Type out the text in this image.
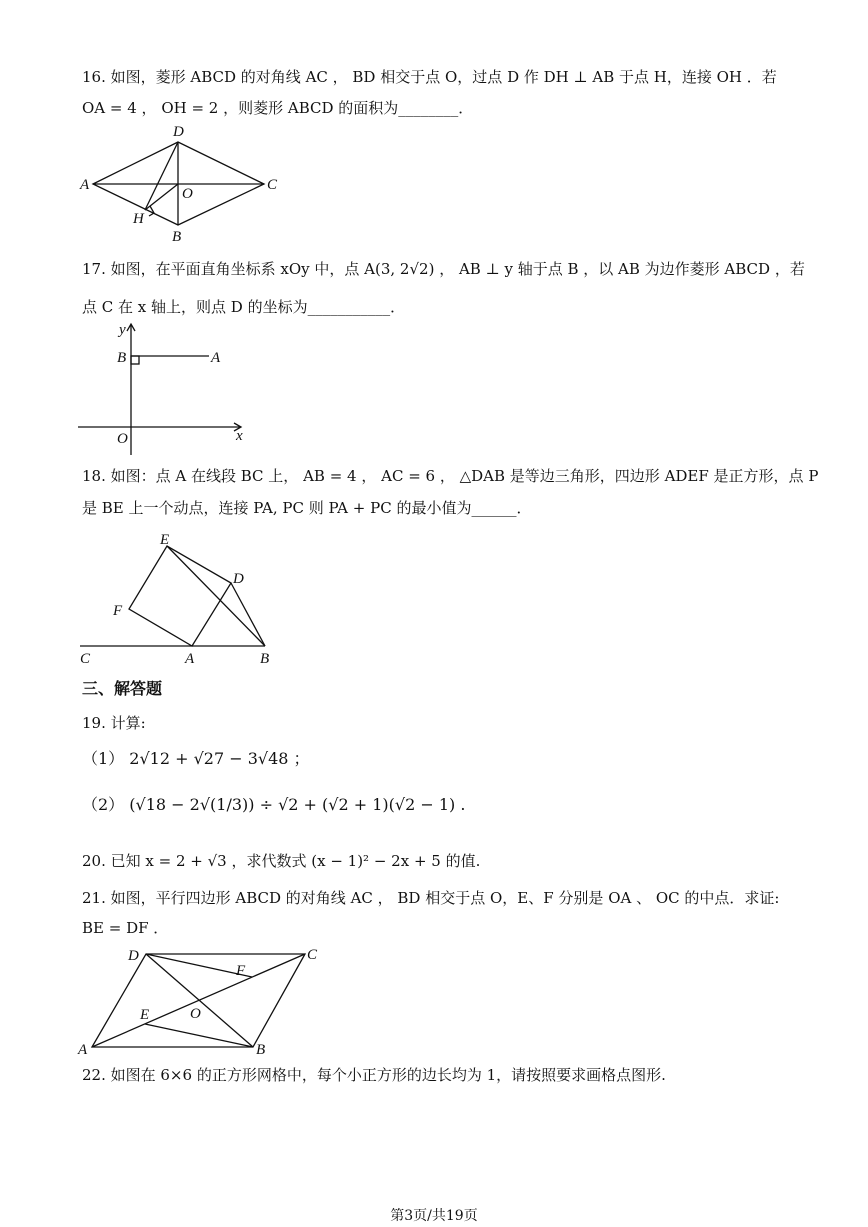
16. 如图，菱形 ABCD 的对角线 AC ， BD 相交于点 O，过点 D 作 DH ⊥ AB 于点 H，连接 OH ．若
OA = 4 ， OH = 2 ，则菱形 ABCD 的面积为________．
A
D
C
B
O
H
17. 如图，在平面直角坐标系 xOy 中，点 A(3, 2√2) ， AB ⊥ y 轴于点 B ，以 AB 为边作菱形 ABCD ，若
点 C 在 x 轴上，则点 D 的坐标为___________．
y
x
B	A
O
18. 如图：点 A 在线段 BC 上， AB = 4 ， AC = 6 ， △DAB 是等边三角形，四边形 ADEF 是正方形，点 P
是 BE 上一个动点，连接 PA, PC 则 PA + PC 的最小值为______．
E
D
F
C	A	B
三、解答题
19. 计算:
（1） 2√12 + √27 − 3√48 ；
（2） (√18 − 2√(1/3)) ÷ √2 + (√2 + 1)(√2 − 1) .
20. 已知 x = 2 + √3 ，求代数式 (x − 1)² − 2x + 5 的值.
21. 如图，平行四边形 ABCD 的对角线 AC ， BD 相交于点 O，E、F 分别是 OA 、 OC 的中点．求证:
BE = DF ．
D	C
F
E	O
A	B
22. 如图在 6×6 的正方形网格中，每个小正方形的边长均为 1，请按照要求画格点图形.
第3页/共19页
